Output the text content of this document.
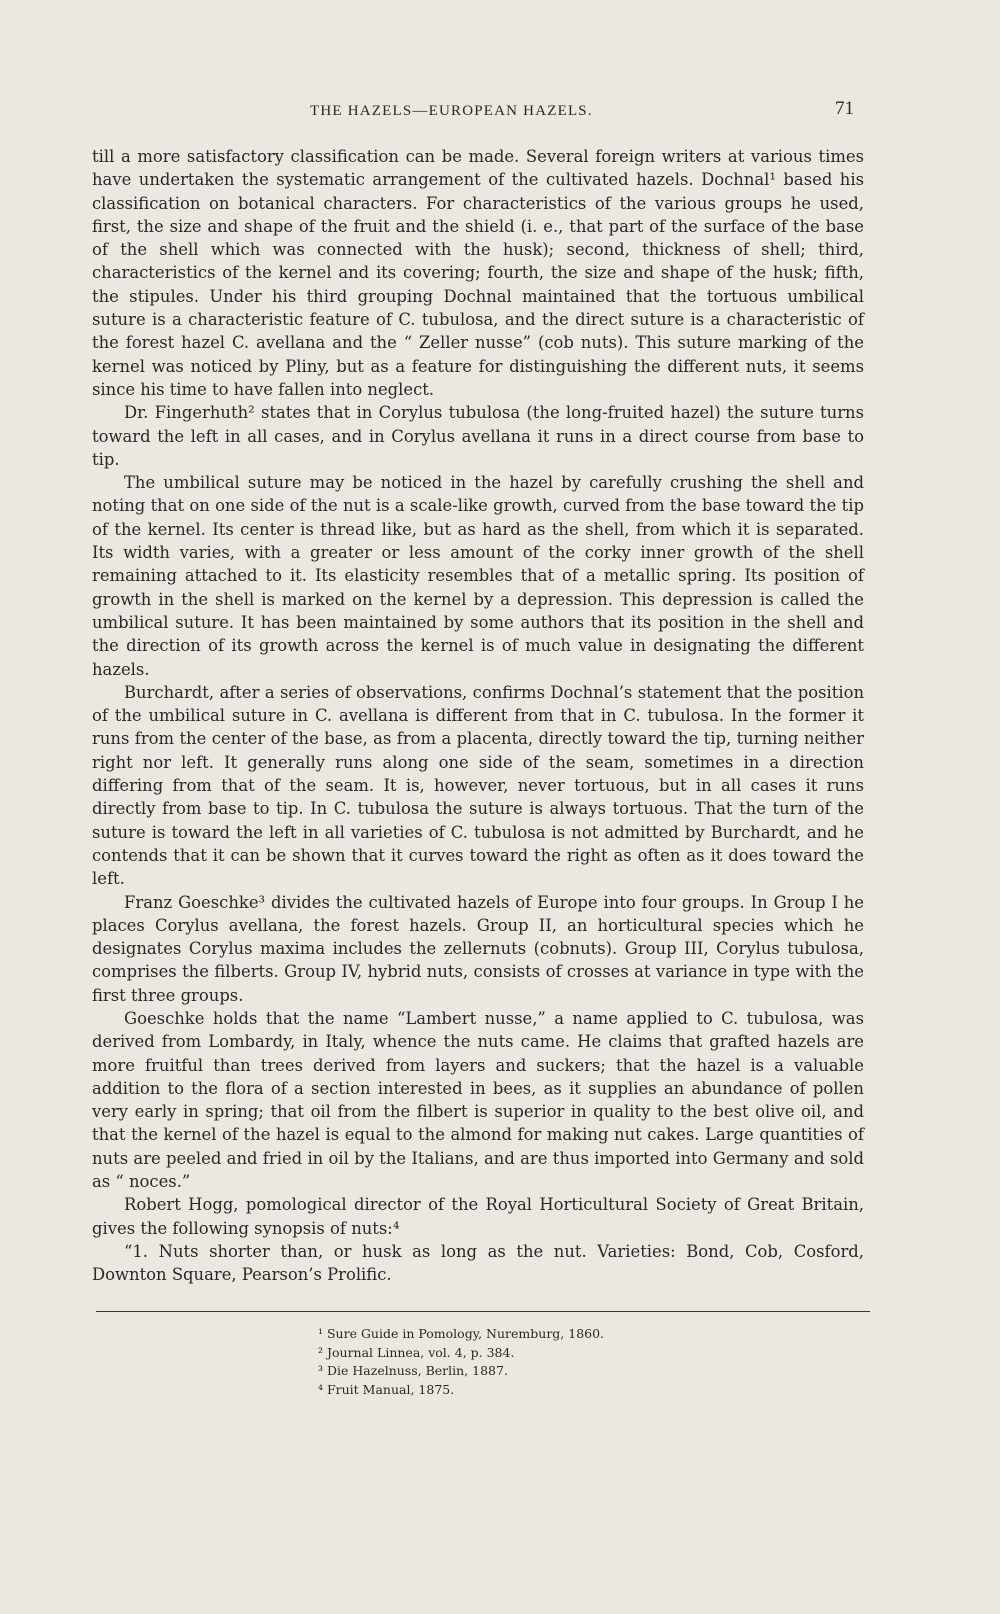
THE HAZELS—EUROPEAN HAZELS.	71

till a more satisfactory classification can be made. Several foreign writers at various times have undertaken the systematic arrangement of the cultivated hazels. Dochnal¹ based his classification on botanical characters. For characteristics of the various groups he used, first, the size and shape of the fruit and the shield (i. e., that part of the surface of the base of the shell which was connected with the husk); second, thickness of shell; third, characteristics of the kernel and its covering; fourth, the size and shape of the husk; fifth, the stipules. Under his third grouping Dochnal maintained that the tortuous umbilical suture is a characteristic feature of C. tubulosa, and the direct suture is a characteristic of the forest hazel C. avellana and the “ Zeller nusse” (cob nuts). This suture marking of the kernel was noticed by Pliny, but as a feature for distinguishing the different nuts, it seems since his time to have fallen into neglect.

Dr. Fingerhuth² states that in Corylus tubulosa (the long-fruited hazel) the suture turns toward the left in all cases, and in Corylus avellana it runs in a direct course from base to tip.

The umbilical suture may be noticed in the hazel by carefully crushing the shell and noting that on one side of the nut is a scale-like growth, curved from the base toward the tip of the kernel. Its center is thread like, but as hard as the shell, from which it is separated. Its width varies, with a greater or less amount of the corky inner growth of the shell remaining attached to it. Its elasticity resembles that of a metallic spring. Its position of growth in the shell is marked on the kernel by a depression. This depression is called the umbilical suture. It has been maintained by some authors that its position in the shell and the direction of its growth across the kernel is of much value in designating the different hazels.

Burchardt, after a series of observations, confirms Dochnal’s statement that the position of the umbilical suture in C. avellana is different from that in C. tubulosa. In the former it runs from the center of the base, as from a placenta, directly toward the tip, turning neither right nor left. It generally runs along one side of the seam, sometimes in a direction differing from that of the seam. It is, however, never tortuous, but in all cases it runs directly from base to tip. In C. tubulosa the suture is always tortuous. That the turn of the suture is toward the left in all varieties of C. tubulosa is not admitted by Burchardt, and he contends that it can be shown that it curves toward the right as often as it does toward the left.

Franz Goeschke³ divides the cultivated hazels of Europe into four groups. In Group I he places Corylus avellana, the forest hazels. Group II, an horticultural species which he designates Corylus maxima includes the zellernuts (cobnuts). Group III, Corylus tubulosa, comprises the filberts. Group IV, hybrid nuts, consists of crosses at variance in type with the first three groups.

Goeschke holds that the name “Lambert nusse,” a name applied to C. tubulosa, was derived from Lombardy, in Italy, whence the nuts came. He claims that grafted hazels are more fruitful than trees derived from layers and suckers; that the hazel is a valuable addition to the flora of a section interested in bees, as it supplies an abundance of pollen very early in spring; that oil from the filbert is superior in quality to the best olive oil, and that the kernel of the hazel is equal to the almond for making nut cakes. Large quantities of nuts are peeled and fried in oil by the Italians, and are thus imported into Germany and sold as “ noces.”

Robert Hogg, pomological director of the Royal Horticultural Society of Great Britain, gives the following synopsis of nuts:⁴

“1. Nuts shorter than, or husk as long as the nut. Varieties: Bond, Cob, Cosford, Downton Square, Pearson’s Prolific.

¹ Sure Guide in Pomology, Nuremburg, 1860.
² Journal Linnea, vol. 4, p. 384.
³ Die Hazelnuss, Berlin, 1887.
⁴ Fruit Manual, 1875.
